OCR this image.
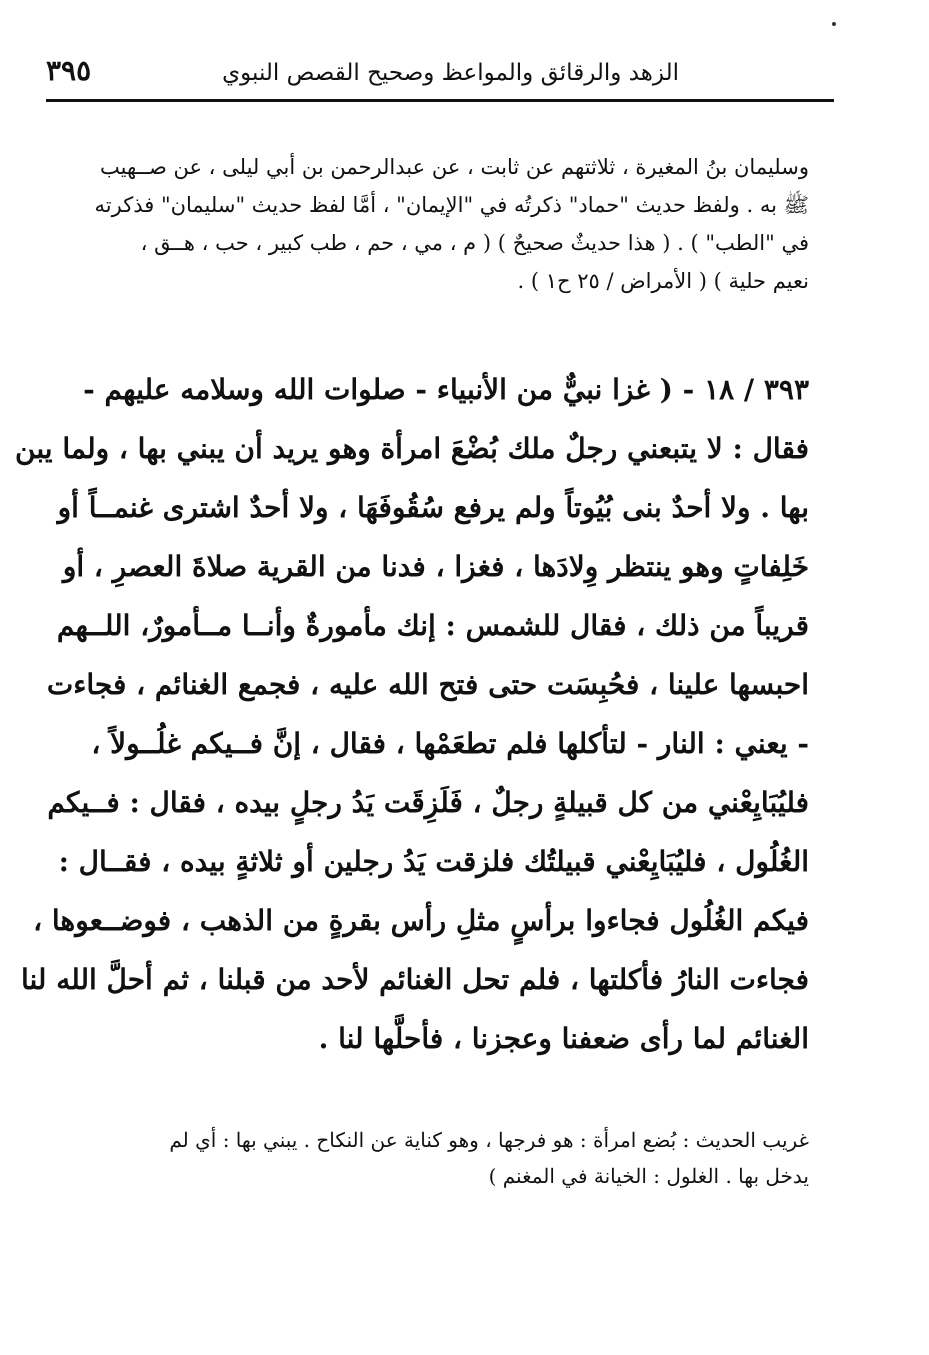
الزهد والرقائق والمواعظ وصحيح القصص النبوي
٣٩٥
وسليمان بنُ المغيرة ، ثلاثتهم عن ثابت ، عن عبدالرحمن بن أبي ليلى ، عن صــهيب
ﷺ به . ولفظ حديث "حماد" ذكرتُه في "الإيمان" ، أمَّا لفظ حديث "سليمان" فذكرته
في "الطب" ) . ( هذا حديثٌ صحيحٌ ) ( م ، مي ، حم ، طب كبير ، حب ، هــق ،
نعيم حلية ) ( الأمراض / ٢٥ ح١ ) .
٣٩٣ / ١٨ - ( غزا نبيٌّ من الأنبياء - صلوات الله وسلامه عليهم -
فقال : لا يتبعني رجلٌ ملك بُضْعَ امرأة وهو يريد أن يبني بها ، ولما يبن
بها . ولا أحدٌ بنى بُيُوتاً ولم يرفع سُقُوفَهَا ، ولا أحدٌ اشترى غنمــاً أو
خَلِفاتٍ وهو ينتظر وِلادَها ، فغزا ، فدنا من القرية صلاةَ العصرِ ، أو
قريباً من ذلك ، فقال للشمس : إنك مأمورةٌ وأنــا مــأمورٌ، اللــهم
احبسها علينا ، فحُبِسَت حتى فتح الله عليه ، فجمع الغنائم ، فجاءت
- يعني : النار - لتأكلها فلم تطعَمْها ، فقال ، إنَّ فــيكم غلُــولاً ،
فليُبَايِعْني من كل قبيلةٍ رجلٌ ، فَلَزِقَت يَدُ رجلٍ بيده ، فقال : فــيكم
الغُلُول ، فليُبَايِعْني قبيلتُك فلزقت يَدُ رجلين أو ثلاثةٍ بيده ، فقــال :
فيكم الغُلُول فجاءوا برأسٍ مثلِ رأس بقرةٍ من الذهب ، فوضــعوها ،
فجاءت النارُ فأكلتها ، فلم تحل الغنائم لأحد من قبلنا ، ثم أحلَّ الله لنا
الغنائم لما رأى ضعفنا وعجزنا ، فأحلَّها لنا .
غريب الحديث : بُضع امرأة : هو فرجها ، وهو كناية عن النكاح . يبني بها : أي لم
يدخل بها . الغلول : الخيانة في المغنم )
